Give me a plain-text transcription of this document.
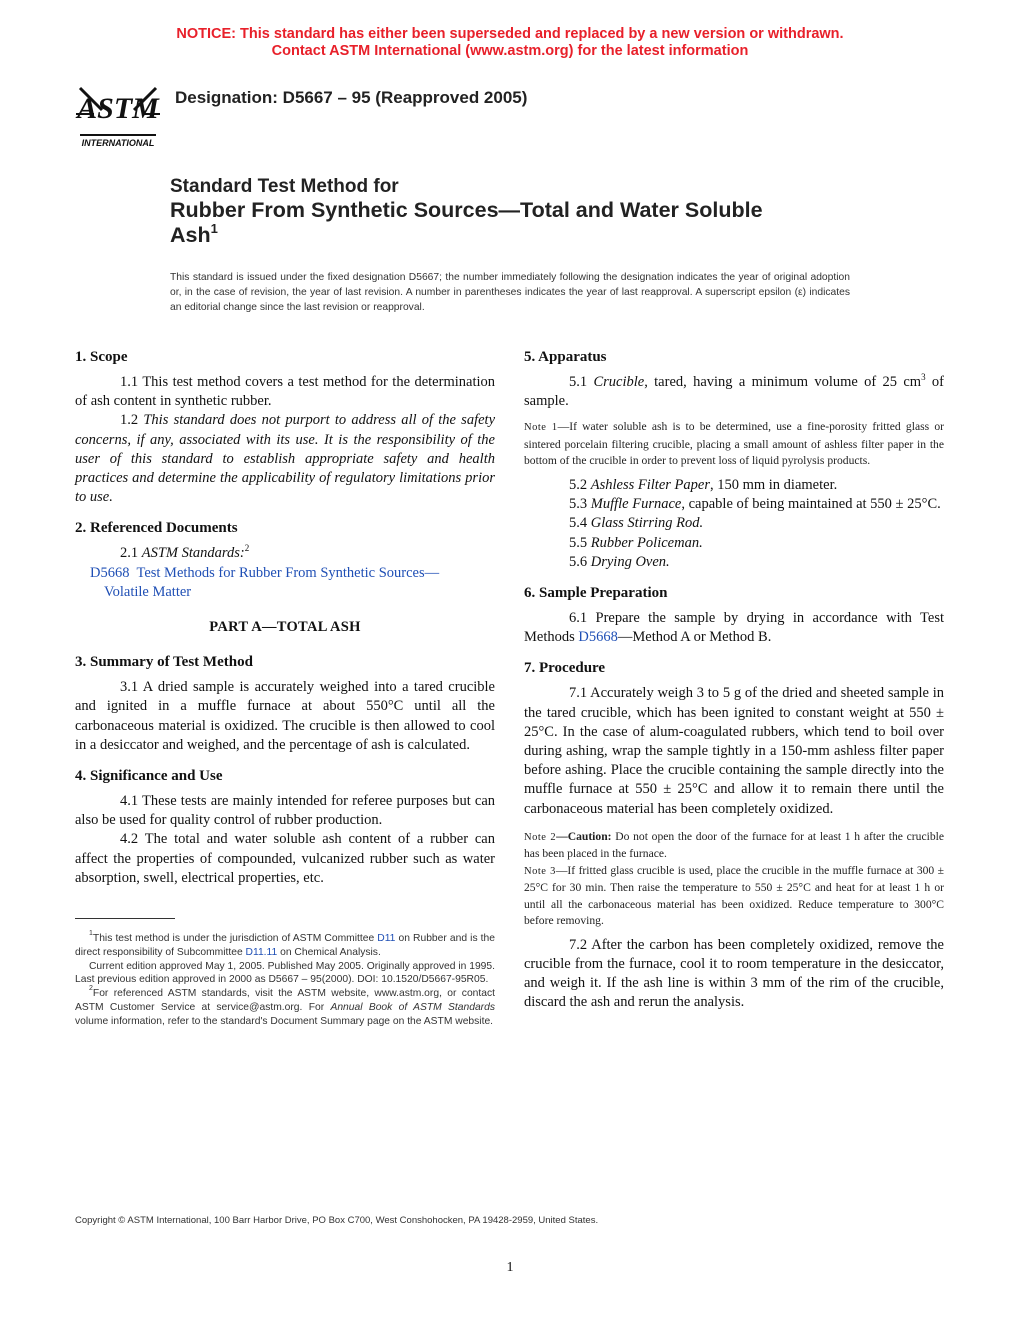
NOTICE: This standard has either been superseded and replaced by a new version or withdrawn.
Contact ASTM International (www.astm.org) for the latest information
ASTM
INTERNATIONAL
Designation: D5667 – 95 (Reapproved 2005)
Standard Test Method for
Rubber From Synthetic Sources—Total and Water Soluble
Ash$^1$
This standard is issued under the fixed designation D5667; the number immediately following the designation indicates the year of original adoption or, in the case of revision, the year of last revision. A number in parentheses indicates the year of last reapproval. A superscript epsilon (ε) indicates an editorial change since the last revision or reapproval.
1. Scope
1.1 This test method covers a test method for the determination of ash content in synthetic rubber.
1.2 This standard does not purport to address all of the safety concerns, if any, associated with its use. It is the responsibility of the user of this standard to establish appropriate safety and health practices and determine the applicability of regulatory limitations prior to use.
2. Referenced Documents
2.1 ASTM Standards:$^2$
D5668 Test Methods for Rubber From Synthetic Sources—
Volatile Matter
PART A—TOTAL ASH
3. Summary of Test Method
3.1 A dried sample is accurately weighed into a tared crucible and ignited in a muffle furnace at about 550°C until all the carbonaceous material is oxidized. The crucible is then allowed to cool in a desiccator and weighed, and the percentage of ash is calculated.
4. Significance and Use
4.1 These tests are mainly intended for referee purposes but can also be used for quality control of rubber production.
4.2 The total and water soluble ash content of a rubber can affect the properties of compounded, vulcanized rubber such as water absorption, swell, electrical properties, etc.
$^1$This test method is under the jurisdiction of ASTM Committee D11 on Rubber and is the direct responsibility of Subcommittee D11.11 on Chemical Analysis.
Current edition approved May 1, 2005. Published May 2005. Originally approved in 1995. Last previous edition approved in 2000 as D5667 – 95(2000). DOI: 10.1520/D5667-95R05.
$^2$For referenced ASTM standards, visit the ASTM website, www.astm.org, or contact ASTM Customer Service at service@astm.org. For Annual Book of ASTM Standards volume information, refer to the standard's Document Summary page on the ASTM website.
5. Apparatus
5.1 Crucible, tared, having a minimum volume of 25 $cm^3$ of sample.
Note 1—If water soluble ash is to be determined, use a fine-porosity fritted glass or sintered porcelain filtering crucible, placing a small amount of ashless filter paper in the bottom of the crucible in order to prevent loss of liquid pyrolysis products.
5.2 Ashless Filter Paper, 150 mm in diameter.
5.3 Muffle Furnace, capable of being maintained at 550 ± 25°C.
5.4 Glass Stirring Rod.
5.5 Rubber Policeman.
5.6 Drying Oven.
6. Sample Preparation
6.1 Prepare the sample by drying in accordance with Test Methods D5668—Method A or Method B.
7. Procedure
7.1 Accurately weigh 3 to 5 g of the dried and sheeted sample in the tared crucible, which has been ignited to constant weight at 550 ± 25°C. In the case of alum-coagulated rubbers, which tend to boil over during ashing, wrap the sample tightly in a 150-mm ashless filter paper before ashing. Place the crucible containing the sample directly into the muffle furnace at 550 ± 25°C and allow it to remain there until the carbonaceous material has been completely oxidized.
Note 2—Caution: Do not open the door of the furnace for at least 1 h after the crucible has been placed in the furnace.
Note 3—If fritted glass crucible is used, place the crucible in the muffle furnace at 300 ± 25°C for 30 min. Then raise the temperature to 550 ± 25°C and heat for at least 1 h or until all the carbonaceous material has been oxidized. Reduce temperature to 300°C before removing.
7.2 After the carbon has been completely oxidized, remove the crucible from the furnace, cool it to room temperature in the desiccator, and weigh it. If the ash line is within 3 mm of the rim of the crucible, discard the ash and rerun the analysis.
Copyright © ASTM International, 100 Barr Harbor Drive, PO Box C700, West Conshohocken, PA 19428-2959, United States.
1
